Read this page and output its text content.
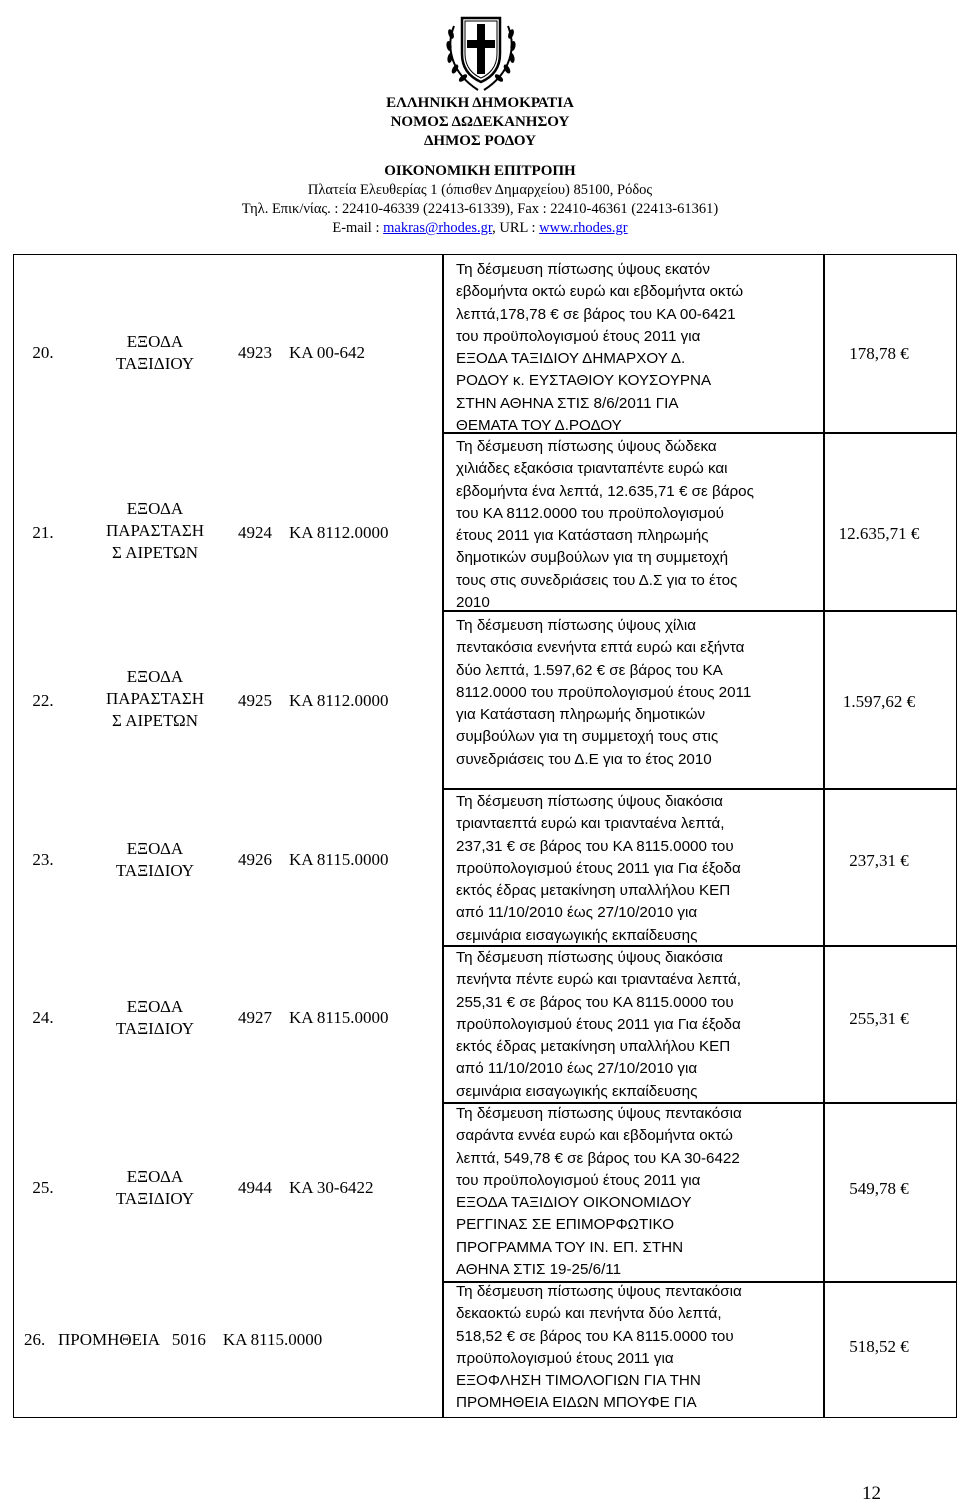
ΕΛΛΗΝΙΚΗ ΔΗΜΟΚΡΑΤΙΑ
ΝΟΜΟΣ ΔΩΔΕΚΑΝΗΣΟΥ
ΔΗΜΟΣ ΡΟΔΟΥ
ΟΙΚΟΝΟΜΙΚΗ ΕΠΙΤΡΟΠΗ
Πλατεία Ελευθερίας 1 (όπισθεν Δημαρχείου) 85100, Ρόδος
Τηλ. Επικ/νίας. : 22410-46339 (22413-61339), Fax : 22410-46361 (22413-61361)
E-mail : makras@rhodes.gr, URL : www.rhodes.gr
20.
ΕΞΟΔΑ
ΤΑΞΙΔΙΟΥ
4923 ΚΑ 00-642
Τη δέσμευση πίστωσης ύψους εκατόν
εβδομήντα οκτώ ευρώ και εβδομήντα οκτώ
λεπτά,178,78 € σε βάρος του ΚΑ 00-6421
του προϋπολογισμού έτους 2011 για
ΕΞΟΔΑ ΤΑΞΙΔΙΟΥ ΔΗΜΑΡΧΟΥ Δ.
ΡΟΔΟΥ κ. ΕΥΣΤΑΘΙΟΥ ΚΟΥΣΟΥΡΝΑ
ΣΤΗΝ ΑΘΗΝΑ ΣΤΙΣ 8/6/2011 ΓΙΑ
ΘΕΜΑΤΑ ΤΟΥ Δ.ΡΟΔΟΥ
178,78 €
21.
ΕΞΟΔΑ
ΠΑΡΑΣΤΑΣΗ
Σ ΑΙΡΕΤΩΝ
4924 ΚΑ 8112.0000
Τη δέσμευση πίστωσης ύψους δώδεκα
χιλιάδες εξακόσια τριανταπέντε ευρώ και
εβδομήντα ένα λεπτά, 12.635,71 € σε βάρος
του ΚΑ 8112.0000 του προϋπολογισμού
έτους 2011 για Κατάσταση πληρωμής
δημοτικών συμβούλων για τη συμμετοχή
τους στις συνεδριάσεις του Δ.Σ για το έτος
2010
12.635,71 €
22.
ΕΞΟΔΑ
ΠΑΡΑΣΤΑΣΗ
Σ ΑΙΡΕΤΩΝ
4925 ΚΑ 8112.0000
Τη δέσμευση πίστωσης ύψους χίλια
πεντακόσια ενενήντα επτά ευρώ και εξήντα
δύο λεπτά, 1.597,62 € σε βάρος του ΚΑ
8112.0000 του προϋπολογισμού έτους 2011
για Κατάσταση πληρωμής δημοτικών
συμβούλων για τη συμμετοχή τους στις
συνεδριάσεις του Δ.Ε για το έτος 2010
1.597,62 €
23.
ΕΞΟΔΑ
ΤΑΞΙΔΙΟΥ
4926 ΚΑ 8115.0000
Τη δέσμευση πίστωσης ύψους διακόσια
τριανταεπτά ευρώ και τριανταένα λεπτά,
237,31 € σε βάρος του ΚΑ 8115.0000 του
προϋπολογισμού έτους 2011 για Για έξοδα
εκτός έδρας μετακίνηση υπαλλήλου ΚΕΠ
από 11/10/2010 έως 27/10/2010 για
σεμινάρια εισαγωγικής εκπαίδευσης
237,31 €
24.
ΕΞΟΔΑ
ΤΑΞΙΔΙΟΥ
4927 ΚΑ 8115.0000
Τη δέσμευση πίστωσης ύψους διακόσια
πενήντα πέντε ευρώ και τριανταένα λεπτά,
255,31 € σε βάρος του ΚΑ 8115.0000 του
προϋπολογισμού έτους 2011 για Για έξοδα
εκτός έδρας μετακίνηση υπαλλήλου ΚΕΠ
από 11/10/2010 έως 27/10/2010 για
σεμινάρια εισαγωγικής εκπαίδευσης
255,31 €
25.
ΕΞΟΔΑ
ΤΑΞΙΔΙΟΥ
4944 ΚΑ 30-6422
Τη δέσμευση πίστωσης ύψους πεντακόσια
σαράντα εννέα ευρώ και εβδομήντα οκτώ
λεπτά, 549,78 € σε βάρος του ΚΑ 30-6422
του προϋπολογισμού έτους 2011 για
ΕΞΟΔΑ ΤΑΞΙΔΙΟΥ ΟΙΚΟΝΟΜΙΔΟΥ
ΡΕΓΓΙΝΑΣ ΣΕ ΕΠΙΜΟΡΦΩΤΙΚΟ
ΠΡΟΓΡΑΜΜΑ ΤΟΥ ΙΝ. ΕΠ. ΣΤΗΝ
ΑΘΗΝΑ ΣΤΙΣ 19-25/6/11
549,78 €
26. ΠΡΟΜΗΘΕΙΑ 5016 ΚΑ 8115.0000
Τη δέσμευση πίστωσης ύψους πεντακόσια
δεκαοκτώ ευρώ και πενήντα δύο λεπτά,
518,52 € σε βάρος του ΚΑ 8115.0000 του
προϋπολογισμού έτους 2011 για
ΕΞΟΦΛΗΣΗ ΤΙΜΟΛΟΓΙΩΝ ΓΙΑ ΤΗΝ
ΠΡΟΜΗΘΕΙΑ ΕΙΔΩΝ ΜΠΟΥΦΕ ΓΙΑ
518,52 €
12
